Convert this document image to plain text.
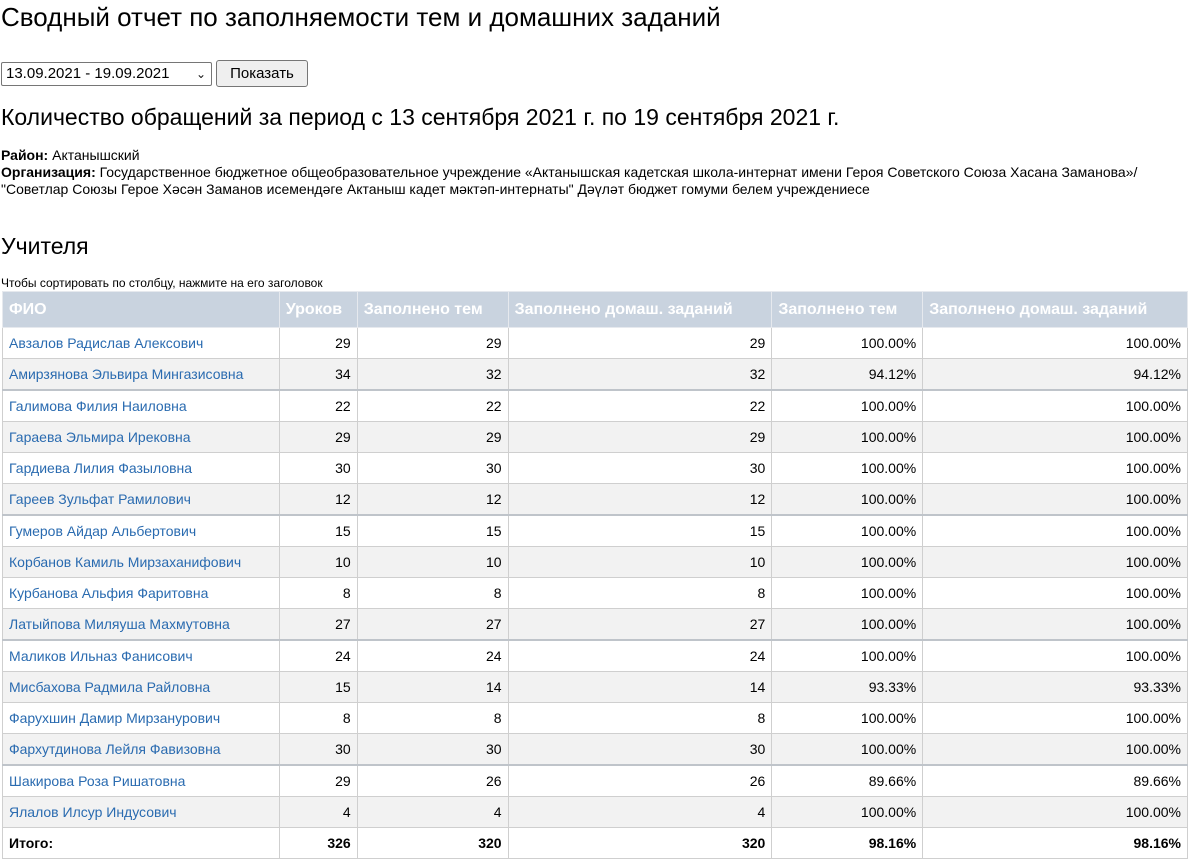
Сводный отчет по заполняемости тем и домашних заданий
13.09.2021 - 19.09.2021 ⌄	Показать
Количество обращений за период с 13 сентября 2021 г. по 19 сентября 2021 г.
Район: Актанышский
Организация: Государственное бюджетное общеобразовательное учреждение «Актанышская кадетская школа-интернат имени Героя Советского Союза Хасана Заманова»/ "Советлар Союзы Герое Хәсән Заманов исемендәге Актаныш кадет мәктәп-интернаты" Дәүләт бюджет гомуми белем учреждениесе
Учителя
Чтобы сортировать по столбцу, нажмите на его заголовок
ФИО	Уроков	Заполнено тем	Заполнено домаш. заданий	Заполнено тем	Заполнено домаш. заданий
Авзалов Радислав Алексович	29	29	29	100.00%	100.00%
Амирзянова Эльвира Мингазисовна	34	32	32	94.12%	94.12%
Галимова Филия Наиловна	22	22	22	100.00%	100.00%
Гараева Эльмира Ирековна	29	29	29	100.00%	100.00%
Гардиева Лилия Фазыловна	30	30	30	100.00%	100.00%
Гареев Зульфат Рамилович	12	12	12	100.00%	100.00%
Гумеров Айдар Альбертович	15	15	15	100.00%	100.00%
Корбанов Камиль Мирзаханифович	10	10	10	100.00%	100.00%
Курбанова Альфия Фаритовна	8	8	8	100.00%	100.00%
Латыйпова Миляуша Махмутовна	27	27	27	100.00%	100.00%
Маликов Ильназ Фанисович	24	24	24	100.00%	100.00%
Мисбахова Радмила Райловна	15	14	14	93.33%	93.33%
Фарухшин Дамир Мирзанурович	8	8	8	100.00%	100.00%
Фархутдинова Лейля Фавизовна	30	30	30	100.00%	100.00%
Шакирова Роза Ришатовна	29	26	26	89.66%	89.66%
Ялалов Илсур Индусович	4	4	4	100.00%	100.00%
Итого:	326	320	320	98.16%	98.16%
